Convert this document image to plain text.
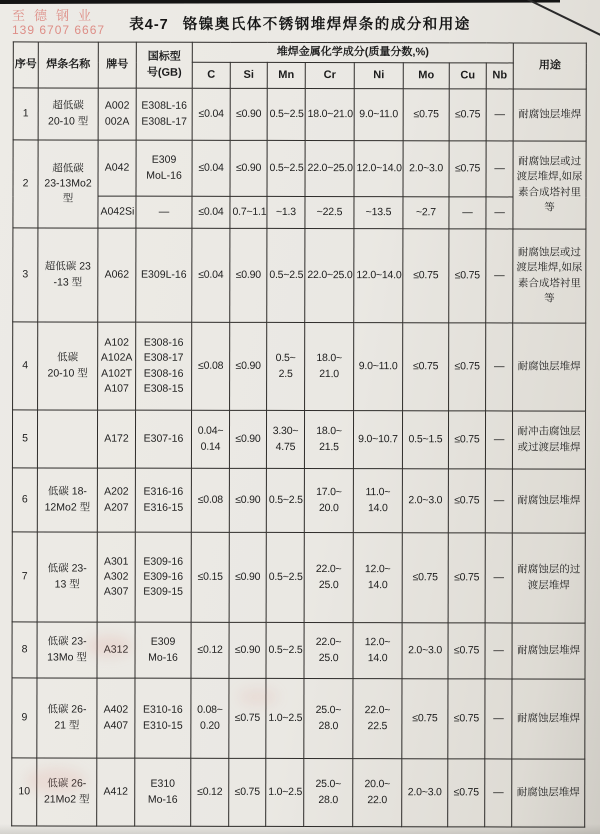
至德钢业
139 6707 6667	表4-7 铬镍奥氏体不锈钢堆焊焊条的成分和用途
序号	焊条名称	牌号	国标型
号(GB)	堆焊金属化学成分(质量分数,%)								用途
				C	Si	Mn	Cr	Ni	Mo	Cu	Nb	
1	超低碳
20-10 型	A002
002A	E308L-16
E308L-17	≤0.04	≤0.90	0.5~2.5	18.0~21.0	9.0~11.0	≤0.75	≤0.75	—	耐腐蚀层堆焊
2	超低碳
23-13Mo2
型	A042	E309
MoL-16	≤0.04	≤0.90	0.5~2.5	22.0~25.0	12.0~14.0	2.0~3.0	≤0.75	—	耐腐蚀层或过渡层堆焊,如尿素合成塔衬里等
		A042Si	—	≤0.04	0.7~1.1	~1.3	~22.5	~13.5	~2.7	—	—	
3	超低碳 23
-13 型	A062	E309L-16	≤0.04	≤0.90	0.5~2.5	22.0~25.0	12.0~14.0	≤0.75	≤0.75	—	耐腐蚀层或过渡层堆焊,如尿素合成塔衬里等
4	低碳
20-10 型	A102
A102A
A102T
A107	E308-16
E308-17
E308-16
E308-15	≤0.08	≤0.90	0.5~
2.5	18.0~
21.0	9.0~11.0	≤0.75	≤0.75	—	耐腐蚀层堆焊
5		A172	E307-16	0.04~
0.14	≤0.90	3.30~
4.75	18.0~
21.5	9.0~10.7	0.5~1.5	≤0.75	—	耐冲击腐蚀层或过渡层堆焊
6	低碳 18-
12Mo2 型	A202
A207	E316-16
E316-15	≤0.08	≤0.90	0.5~2.5	17.0~
20.0	11.0~
14.0	2.0~3.0	≤0.75	—	耐腐蚀层堆焊
7	低碳 23-
13 型	A301
A302
A307	E309-16
E309-16
E309-15	≤0.15	≤0.90	0.5~2.5	22.0~
25.0	12.0~
14.0	≤0.75	≤0.75	—	耐腐蚀层的过渡层堆焊
8	低碳 23-
13Mo 型	A312	E309
Mo-16	≤0.12	≤0.90	0.5~2.5	22.0~
25.0	12.0~
14.0	2.0~3.0	≤0.75	—	耐腐蚀层堆焊
9	低碳 26-
21 型	A402
A407	E310-16
E310-15	0.08~
0.20	≤0.75	1.0~2.5	25.0~
28.0	22.0~
22.5	≤0.75	≤0.75	—	耐腐蚀层堆焊
10	低碳 26-
21Mo2 型	A412	E310
Mo-16	≤0.12	≤0.75	1.0~2.5	25.0~
28.0	20.0~
22.0	2.0~3.0	≤0.75	—	耐腐蚀层堆焊
